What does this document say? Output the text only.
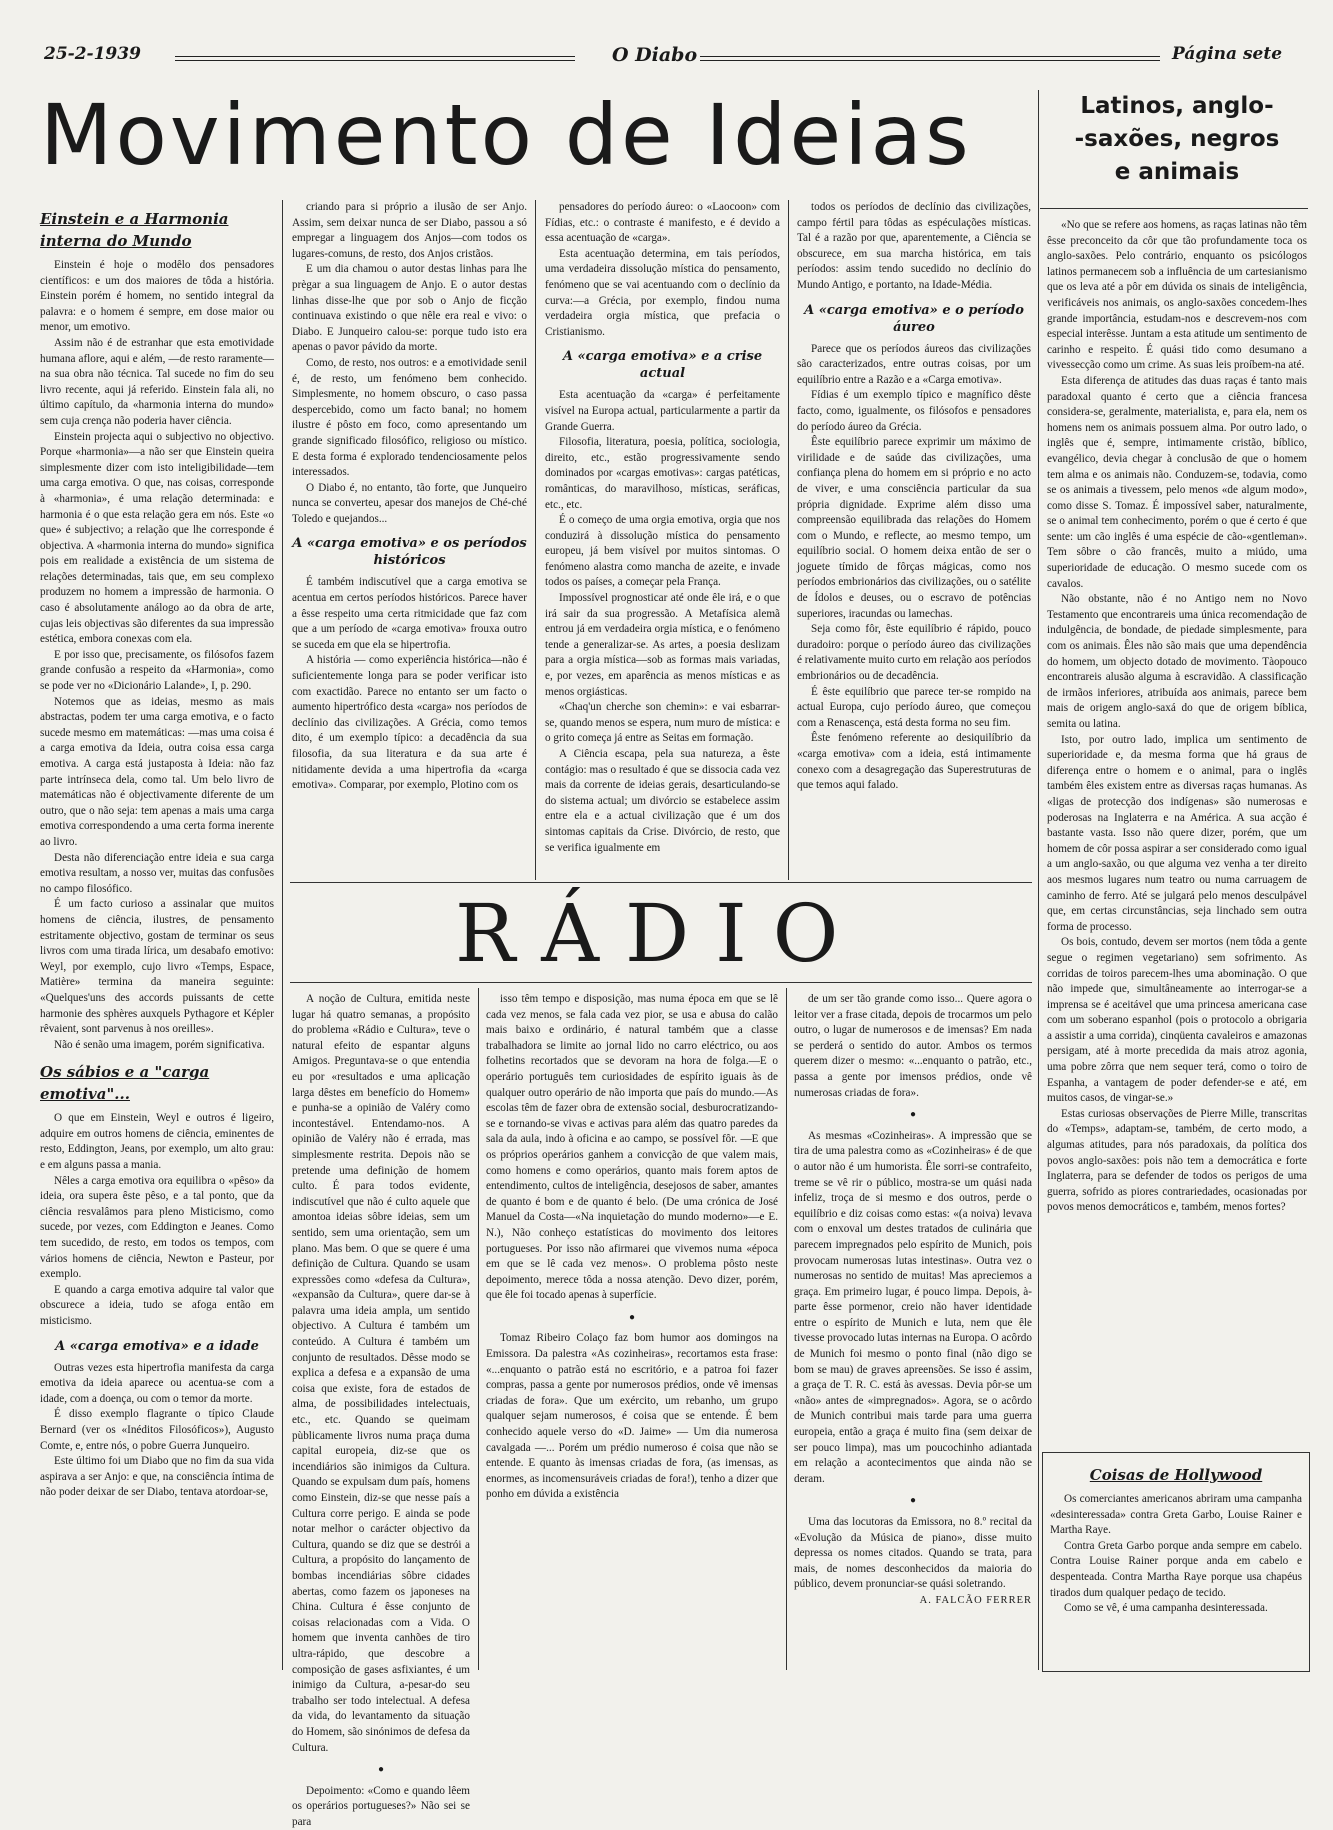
25-2-1939	O Diabo	Página sete
Movimento de Ideias	Latinos, anglo-
-saxões, negros
e animais
RÁDIO
Einstein e a Harmonia interna do Mundo

Einstein é hoje o modêlo dos pensadores científicos: e um dos maiores de tôda a história. Einstein porém é homem, no sentido integral da palavra: e o homem é sempre, em dose maior ou menor, um emotivo.

Assim não é de estranhar que esta emotividade humana aflore, aqui e além, —de resto raramente—na sua obra não técnica. Tal sucede no fim do seu livro recente, aqui já referido. Einstein fala ali, no último capítulo, da «harmonia interna do mundo» sem cuja crença não poderia haver ciência.

Einstein projecta aqui o subjectivo no objectivo. Porque «harmonia»—a não ser que Einstein queira simplesmente dizer com isto inteligibilidade—tem uma carga emotiva. O que, nas coisas, corresponde à «harmonia», é uma relação determinada: e harmonia é o que esta relação gera em nós. Este «o que» é subjectivo; a relação que lhe corresponde é objectiva. A «harmonia interna do mundo» significa pois em realidade a existência de um sistema de relações determinadas, tais que, em seu complexo produzem no homem a impressão de harmonia. O caso é absolutamente análogo ao da obra de arte, cujas leis objectivas são diferentes da sua impressão estética, embora conexas com ela.

E por isso que, precisamente, os filósofos fazem grande confusão a respeito da «Harmonia», como se pode ver no «Dicionário Lalande», I, p. 290.

Notemos que as ideias, mesmo as mais abstractas, podem ter uma carga emotiva, e o facto sucede mesmo em matemáticas: —mas uma coisa é a carga emotiva da Ideia, outra coisa essa carga emotiva. A carga está justaposta à Ideia: não faz parte intrínseca dela, como tal. Um belo livro de matemáticas não é objectivamente diferente de um outro, que o não seja: tem apenas a mais uma carga emotiva correspondendo a uma certa forma inerente ao livro.

Desta não diferenciação entre ideia e sua carga emotiva resultam, a nosso ver, muitas das confusões no campo filosófico.

É um facto curioso a assinalar que muitos homens de ciência, ilustres, de pensamento estritamente objectivo, gostam de terminar os seus livros com uma tirada lírica, um desabafo emotivo: Weyl, por exemplo, cujo livro «Temps, Espace, Matière» termina da maneira seguinte: «Quelques'uns des accords puissants de cette harmonie des sphères auxquels Pythagore et Képler rêvaient, sont parvenus à nos oreilles».

Não é senão uma imagem, porém significativa.

Os sábios e a "carga emotiva"...

O que em Einstein, Weyl e outros é ligeiro, adquire em outros homens de ciência, eminentes de resto, Eddington, Jeans, por exemplo, um alto grau: e em alguns passa a mania.

Nêles a carga emotiva ora equilibra o «pêso» da ideia, ora supera êste pêso, e a tal ponto, que da ciência resvalâmos para pleno Misticismo, como sucede, por vezes, com Eddington e Jeanes. Como tem sucedido, de resto, em todos os tempos, com vários homens de ciência, Newton e Pasteur, por exemplo.

E quando a carga emotiva adquire tal valor que obscurece a ideia, tudo se afoga então em misticismo.

A «carga emotiva» e a idade

Outras vezes esta hipertrofia manifesta da carga emotiva da ideia aparece ou acentua-se com a idade, com a doença, ou com o temor da morte.

É disso exemplo flagrante o típico Claude Bernard (ver os «Inéditos Filosóficos»), Augusto Comte, e, entre nós, o pobre Guerra Junqueiro.

Este último foi um Diabo que no fim da sua vida aspirava a ser Anjo: e que, na consciência íntima de não poder deixar de ser Diabo, tentava atordoar-se,

criando para si próprio a ilusão de ser Anjo. Assim, sem deixar nunca de ser Diabo, passou a só empregar a linguagem dos Anjos—com todos os lugares-comuns, de resto, dos Anjos cristãos.

E um dia chamou o autor destas linhas para lhe prègar a sua linguagem de Anjo. E o autor destas linhas disse-lhe que por sob o Anjo de ficção continuava existindo o que nêle era real e vivo: o Diabo. E Junqueiro calou-se: porque tudo isto era apenas o pavor pávido da morte.

Como, de resto, nos outros: e a emotividade senil é, de resto, um fenómeno bem conhecido. Simplesmente, no homem obscuro, o caso passa despercebido, como um facto banal; no homem ilustre é pôsto em foco, como apresentando um grande significado filosófico, religioso ou místico. E desta forma é explorado tendenciosamente pelos interessados.

O Diabo é, no entanto, tão forte, que Junqueiro nunca se converteu, apesar dos manejos de Ché-ché Toledo e quejandos...

A «carga emotiva» e os períodos históricos

É também indiscutível que a carga emotiva se acentua em certos períodos históricos. Parece haver a êsse respeito uma certa ritmicidade que faz com que a um período de «carga emotiva» frouxa outro se suceda em que ela se hipertrofia.

A história — como experiência histórica—não é suficientemente longa para se poder verificar isto com exactidão. Parece no entanto ser um facto o aumento hipertrófico desta «carga» nos períodos de declínio das civilizações. A Grécia, como temos dito, é um exemplo típico: a decadência da sua filosofia, da sua literatura e da sua arte é nitidamente devida a uma hipertrofia da «carga emotiva». Comparar, por exemplo, Plotino com os

pensadores do período áureo: o «Laocoon» com Fídias, etc.: o contraste é manifesto, e é devido a essa acentuação de «carga».

Esta acentuação determina, em tais períodos, uma verdadeira dissolução mística do pensamento, fenómeno que se vai acentuando com o declínio da curva:—a Grécia, por exemplo, findou numa verdadeira orgia mística, que prefacia o Cristianismo.

A «carga emotiva» e a crise actual

Esta acentuação da «carga» é perfeitamente visível na Europa actual, particularmente a partir da Grande Guerra.

Filosofia, literatura, poesia, política, sociologia, direito, etc., estão progressivamente sendo dominados por «cargas emotivas»: cargas patéticas, românticas, do maravilhoso, místicas, seráficas, etc., etc.

É o começo de uma orgia emotiva, orgia que nos conduzirá à dissolução mística do pensamento europeu, já bem visível por muitos sintomas. O fenómeno alastra como mancha de azeite, e invade todos os países, a começar pela França.

Impossível prognosticar até onde êle irá, e o que irá sair da sua progressão. A Metafísica alemã entrou já em verdadeira orgia mística, e o fenómeno tende a generalizar-se. As artes, a poesia deslizam para a orgia mística—sob as formas mais variadas, e, por vezes, em aparência as menos místicas e as menos orgiásticas.

«Chaq'un cherche son chemin»: e vai esbarrar-se, quando menos se espera, num muro de mística: e o grito começa já entre as Seitas em formação.

A Ciência escapa, pela sua natureza, a êste contágio: mas o resultado é que se dissocia cada vez mais da corrente de ideias gerais, desarticulando-se do sistema actual; um divórcio se estabelece assim entre ela e a actual civilização que é um dos sintomas capitais da Crise. Divórcio, de resto, que se verifica igualmente em

todos os períodos de declínio das civilizações, campo fértil para tôdas as espéculações místicas. Tal é a razão por que, aparentemente, a Ciência se obscurece, em sua marcha histórica, em tais períodos: assim tendo sucedido no declínio do Mundo Antigo, e portanto, na Idade-Média.

A «carga emotiva» e o período áureo

Parece que os períodos áureos das civilizações são caracterizados, entre outras coisas, por um equilíbrio entre a Razão e a «Carga emotiva».

Fídias é um exemplo típico e magnífico dêste facto, como, igualmente, os filósofos e pensadores do período áureo da Grécia.

Êste equilíbrio parece exprimir um máximo de virilidade e de saúde das civilizações, uma confiança plena do homem em si próprio e no acto de viver, e uma consciência particular da sua própria dignidade. Exprime além disso uma compreensão equilibrada das relações do Homem com o Mundo, e reflecte, ao mesmo tempo, um equilíbrio social. O homem deixa então de ser o joguete tímido de fôrças mágicas, como nos períodos embrionários das civilizações, ou o satélite de Ídolos e deuses, ou o escravo de potências superiores, iracundas ou lamechas.

Seja como fôr, êste equilíbrio é rápido, pouco duradoiro: porque o período áureo das civilizações é relativamente muito curto em relação aos períodos embrionários ou de decadência.

É êste equilíbrio que parece ter-se rompido na actual Europa, cujo período áureo, que começou com a Renascença, está desta forma no seu fim.

Êste fenómeno referente ao desiquilíbrio da «carga emotiva» com a ideia, está intimamente conexo com a desagregação das Superestruturas de que temos aqui falado.

A noção de Cultura, emitida neste lugar há quatro semanas, a propósito do problema «Rádio e Cultura», teve o natural efeito de espantar alguns Amigos. Preguntava-se o que entendia eu por «resultados e uma aplicação larga dêstes em benefício do Homem» e punha-se a opinião de Valéry como incontestável. Entendamo-nos. A opinião de Valéry não é errada, mas simplesmente restrita. Depois não se pretende uma definição de homem culto. É para todos evidente, indiscutível que não é culto aquele que amontoa ideias sôbre ideias, sem um sentido, sem uma orientação, sem um plano. Mas bem. O que se quere é uma definição de Cultura. Quando se usam expressões como «defesa da Cultura», «expansão da Cultura», quere dar-se à palavra uma ideia ampla, um sentido objectivo. A Cultura é também um conteúdo. A Cultura é também um conjunto de resultados. Dêsse modo se explica a defesa e a expansão de uma coisa que existe, fora de estados de alma, de possibilidades intelectuais, etc., etc. Quando se queimam pùblicamente livros numa praça duma capital europeia, diz-se que os incendiários são inimigos da Cultura. Quando se expulsam dum país, homens como Einstein, diz-se que nesse país a Cultura corre perigo. E ainda se pode notar melhor o carácter objectivo da Cultura, quando se diz que se destrói a Cultura, a propósito do lançamento de bombas incendiárias sôbre cidades abertas, como fazem os japoneses na China. Cultura é êsse conjunto de coisas relacionadas com a Vida. O homem que inventa canhões de tiro ultra-rápido, que descobre a composição de gases asfixiantes, é um inimigo da Cultura, a-pesar-do seu trabalho ser todo intelectual. A defesa da vida, do levantamento da situação do Homem, são sinónimos de defesa da Cultura.

●

Depoimento: «Como e quando lêem os operários portugueses?» Não sei se para

isso têm tempo e disposição, mas numa época em que se lê cada vez menos, se fala cada vez pior, se usa e abusa do calão mais baixo e ordinário, é natural também que a classe trabalhadora se limite ao jornal lido no carro eléctrico, ou aos folhetins recortados que se devoram na hora de folga.—E o operário português tem curiosidades de espírito iguais às de qualquer outro operário de não importa que país do mundo.—As escolas têm de fazer obra de extensão social, desburocratizando-se e tornando-se vivas e activas para além das quatro paredes da sala da aula, indo à oficina e ao campo, se possível fôr. —E que os próprios operários ganhem a convicção de que valem mais, como homens e como operários, quanto mais forem aptos de entendimento, cultos de inteligência, desejosos de saber, amantes de quanto é bom e de quanto é belo. (De uma crónica de José Manuel da Costa—«Na inquietação do mundo moderno»—e E. N.), Não conheço estatísticas do movimento dos leitores portugueses. Por isso não afirmarei que vivemos numa «época em que se lê cada vez menos». O problema pôsto neste depoimento, merece tôda a nossa atenção. Devo dizer, porém, que êle foi tocado apenas à superfície.

●

Tomaz Ribeiro Colaço faz bom humor aos domingos na Emissora. Da palestra «As cozinheiras», recortamos esta frase: «...enquanto o patrão está no escritório, e a patroa foi fazer compras, passa a gente por numerosos prédios, onde vê imensas criadas de fora». Que um exército, um rebanho, um grupo qualquer sejam numerosos, é coisa que se entende. É bem conhecido aquele verso do «D. Jaime» — Um dia numerosa cavalgada —... Porém um prédio numeroso é coisa que não se entende. E quanto às imensas criadas de fora, (as imensas, as enormes, as incomensuráveis criadas de fora!), tenho a dizer que ponho em dúvida a existência

de um ser tão grande como isso... Quere agora o leitor ver a frase citada, depois de trocarmos um pelo outro, o lugar de numerosos e de imensas? Em nada se perderá o sentido do autor. Ambos os termos querem dizer o mesmo: «...enquanto o patrão, etc., passa a gente por imensos prédios, onde vê numerosas criadas de fora».

●

As mesmas «Cozinheiras». A impressão que se tira de uma palestra como as «Cozinheiras» é de que o autor não é um humorista. Êle sorri-se contrafeito, treme se vê rir o público, mostra-se um quási nada infeliz, troça de si mesmo e dos outros, perde o equilíbrio e diz coisas como estas: «(a noiva) levava com o enxoval um destes tratados de culinária que parecem impregnados pelo espírito de Munich, pois provocam numerosas lutas intestinas». Outra vez o numerosas no sentido de muitas! Mas apreciemos a graça. Em primeiro lugar, é pouco limpa. Depois, à-parte êsse pormenor, creio não haver identidade entre o espírito de Munich e luta, nem que êle tivesse provocado lutas internas na Europa. O acôrdo de Munich foi mesmo o ponto final (não digo se bom se mau) de graves apreensões. Se isso é assim, a graça de T. R. C. está às avessas. Devia pôr-se um «não» antes de «impregnados». Agora, se o acôrdo de Munich contribui mais tarde para uma guerra europeia, então a graça é muito fina (sem deixar de ser pouco limpa), mas um poucochinho adiantada em relação a acontecimentos que ainda não se deram.

●

Uma das locutoras da Emissora, no 8.º recital da «Evolução da Música de piano», disse muito depressa os nomes citados. Quando se trata, para mais, de nomes desconhecidos da maioria do público, devem pronunciar-se quási soletrando.

A. FALCÃO FERRER

«No que se refere aos homens, as raças latinas não têm êsse preconceito da côr que tão profundamente toca os anglo-saxões. Pelo contrário, enquanto os psicólogos latinos permanecem sob a influência de um cartesianismo que os leva até a pôr em dúvida os sinais de inteligência, verificáveis nos animais, os anglo-saxões concedem-lhes grande importância, estudam-nos e descrevem-nos com especial interêsse. Juntam a esta atitude um sentimento de carinho e respeito. É quási tido como desumano a vivessecção como um crime. As suas leis proíbem-na até.

Esta diferença de atitudes das duas raças é tanto mais paradoxal quanto é certo que a ciência francesa considera-se, geralmente, materialista, e, para ela, nem os homens nem os animais possuem alma. Por outro lado, o inglês que é, sempre, intimamente cristão, bíblico, evangélico, devia chegar à conclusão de que o homem tem alma e os animais não. Conduzem-se, todavia, como se os animais a tivessem, pelo menos «de algum modo», como disse S. Tomaz. É impossível saber, naturalmente, se o animal tem conhecimento, porém o que é certo é que sente: um cão inglês é uma espécie de cão-«gentleman». Tem sôbre o cão francês, muito a miúdo, uma superioridade de educação. O mesmo sucede com os cavalos.

Não obstante, não é no Antigo nem no Novo Testamento que encontrareis uma única recomendação de indulgência, de bondade, de piedade simplesmente, para com os animais. Êles não são mais que uma dependência do homem, um objecto dotado de movimento. Tàopouco encontrareis alusão alguma à escravidão. A classificação de irmãos inferiores, atribuída aos animais, parece bem mais de origem anglo-saxá do que de origem bíblica, semita ou latina.

Isto, por outro lado, implica um sentimento de superioridade e, da mesma forma que há graus de diferença entre o homem e o animal, para o inglês também êles existem entre as diversas raças humanas. As «ligas de protecção dos indígenas» são numerosas e poderosas na Inglaterra e na América. A sua acção é bastante vasta. Isso não quere dizer, porém, que um homem de côr possa aspirar a ser considerado como igual a um anglo-saxão, ou que alguma vez venha a ter direito aos mesmos lugares num teatro ou numa carruagem de caminho de ferro. Até se julgará pelo menos desculpável que, em certas circunstâncias, seja linchado sem outra forma de processo.

Os bois, contudo, devem ser mortos (nem tôda a gente segue o regimen vegetariano) sem sofrimento. As corridas de toiros parecem-lhes uma abominação. O que não impede que, simultâneamente ao interrogar-se a imprensa se é aceitável que uma princesa americana case com um soberano espanhol (pois o protocolo a obrigaria a assistir a uma corrida), cinqüenta cavaleiros e amazonas persigam, até à morte precedida da mais atroz agonia, uma pobre zôrra que nem sequer terá, como o toiro de Espanha, a vantagem de poder defender-se e até, em muitos casos, de vingar-se.»

Estas curiosas observações de Pierre Mille, transcritas do «Temps», adaptam-se, também, de certo modo, a algumas atitudes, para nós paradoxais, da política dos povos anglo-saxões: pois não tem a democrática e forte Inglaterra, para se defender de todos os perigos de uma guerra, sofrido as piores contrariedades, ocasionadas por povos menos democráticos e, também, menos fortes?

Coisas de Hollywood

Os comerciantes americanos abriram uma campanha «desinteressada» contra Greta Garbo, Louise Rainer e Martha Raye.

Contra Greta Garbo porque anda sempre em cabelo. Contra Louise Rainer porque anda em cabelo e despenteada. Contra Martha Raye porque usa chapéus tirados dum qualquer pedaço de tecido.

Como se vê, é uma campanha desinteressada.
